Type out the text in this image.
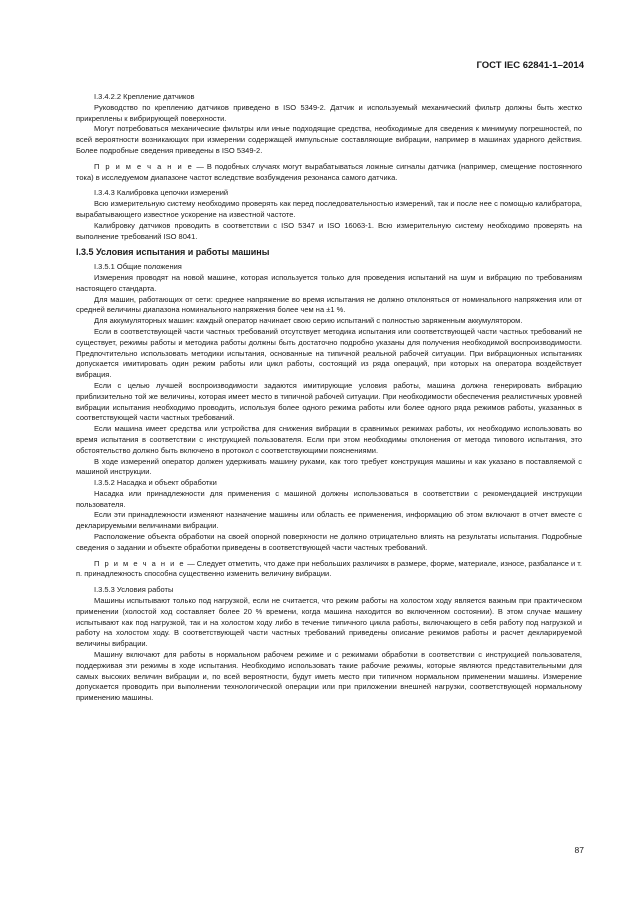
ГОСТ IEC 62841-1–2014

I.3.4.2.2 Крепление датчиков

Руководство по креплению датчиков приведено в ISO 5349-2. Датчик и используемый механический фильтр должны быть жестко прикреплены к вибрирующей поверхности.

Могут потребоваться механические фильтры или иные подходящие средства, необходимые для сведения к минимуму погрешностей, по всей вероятности возникающих при измерении содержащей импульсные составляющие вибрации, например в машинах ударного действия. Более подробные сведения приведены в ISO 5349-2.

П р и м е ч а н и е — В подобных случаях могут вырабатываться ложные сигналы датчика (например, смещение постоянного тока) в исследуемом диапазоне частот вследствие возбуждения резонанса самого датчика.

I.3.4.3 Калибровка цепочки измерений

Всю измерительную систему необходимо проверять как перед последовательностью измерений, так и после нее с помощью калибратора, вырабатывающего известное ускорение на известной частоте.

Калибровку датчиков проводить в соответствии с ISO 5347 и ISO 16063-1. Всю измерительную систему необходимо проверять на выполнение требований ISO 8041.

I.3.5 Условия испытания и работы машины

I.3.5.1 Общие положения

Измерения проводят на новой машине, которая используется только для проведения испытаний на шум и вибрацию по требованиям настоящего стандарта.

Для машин, работающих от сети: среднее напряжение во время испытания не должно отклоняться от номинального напряжения или от средней величины диапазона номинального напряжения более чем на ±1 %.

Для аккумуляторных машин: каждый оператор начинает свою серию испытаний с полностью заряженным аккумулятором.

Если в соответствующей части частных требований отсутствует методика испытания или соответствующей части частных требований не существует, режимы работы и методика работы должны быть достаточно подробно указаны для получения необходимой воспроизводимости. Предпочтительно использовать методики испытания, основанные на типичной реальной рабочей ситуации. При вибрационных испытаниях допускается имитировать один режим работы или цикл работы, состоящий из ряда операций, при которых на оператора воздействует вибрация.

Если с целью лучшей воспроизводимости задаются имитирующие условия работы, машина должна генерировать вибрацию приблизительно той же величины, которая имеет место в типичной рабочей ситуации. При необходимости обеспечения реалистичных уровней вибрации испытания необходимо проводить, используя более одного режима работы или более одного ряда режимов работы, указанных в соответствующей части частных требований.

Если машина имеет средства или устройства для снижения вибрации в сравнимых режимах работы, их необходимо использовать во время испытания в соответствии с инструкцией пользователя. Если при этом необходимы отклонения от метода типового испытания, это обстоятельство должно быть включено в протокол с соответствующими пояснениями.

В ходе измерений оператор должен удерживать машину руками, как того требует конструкция машины и как указано в поставляемой с машиной инструкции.

I.3.5.2 Насадка и объект обработки

Насадка или принадлежности для применения с машиной должны использоваться в соответствии с рекомендацией инструкции пользователя.

Если эти принадлежности изменяют назначение машины или область ее применения, информацию об этом включают в отчет вместе с декларируемыми величинами вибрации.

Расположение объекта обработки на своей опорной поверхности не должно отрицательно влиять на результаты испытания. Подробные сведения о задании и объекте обработки приведены в соответствующей части частных требований.

П р и м е ч а н и е — Следует отметить, что даже при небольших различиях в размере, форме, материале, износе, разбалансе и т. п. принадлежность способна существенно изменить величину вибрации.

I.3.5.3 Условия работы

Машины испытывают только под нагрузкой, если не считается, что режим работы на холостом ходу является важным при практическом применении (холостой ход составляет более 20 % времени, когда машина находится во включенном состоянии). В этом случае машину испытывают как под нагрузкой, так и на холостом ходу либо в течение типичного цикла работы, включающего в себя работу под нагрузкой и работу на холостом ходу. В соответствующей части частных требований приведены описание режимов работы и расчет декларируемой величины вибрации.

Машину включают для работы в нормальном рабочем режиме и с режимами обработки в соответствии с инструкцией пользователя, поддерживая эти режимы в ходе испытания. Необходимо использовать такие рабочие режимы, которые являются представительными для самых высоких величин вибрации и, по всей вероятности, будут иметь место при типичном нормальном применении машины. Измерение допускается проводить при выполнении технологической операции или при приложении внешней нагрузки, соответствующей нормальному применению машины.

87
